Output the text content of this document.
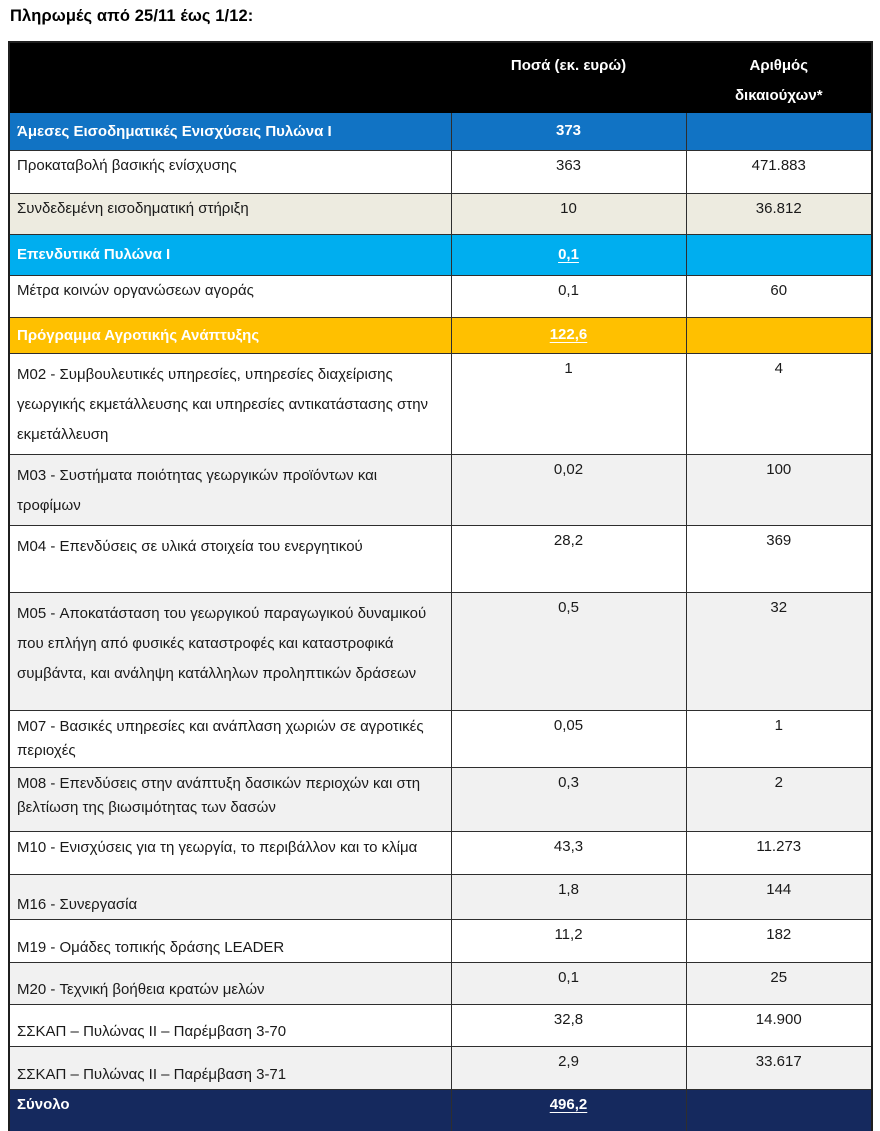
Πληρωμές από 25/11 έως 1/12:
	Ποσά (εκ. ευρώ)	Αριθμός δικαιούχων*
Άμεσες Εισοδηματικές Ενισχύσεις Πυλώνα Ι	373	
Προκαταβολή βασικής ενίσχυσης	363	471.883
Συνδεδεμένη εισοδηματική στήριξη	10	36.812
Επενδυτικά Πυλώνα Ι	0,1	
Μέτρα κοινών οργανώσεων αγοράς	0,1	60
Πρόγραμμα Αγροτικής Ανάπτυξης	122,6	
M02 - Συμβουλευτικές υπηρεσίες, υπηρεσίες διαχείρισης γεωργικής εκμετάλλευσης και υπηρεσίες αντικατάστασης στην εκμετάλλευση	1	4
M03 - Συστήματα ποιότητας γεωργικών προϊόντων και τροφίμων	0,02	100
M04 - Επενδύσεις σε υλικά στοιχεία του ενεργητικού	28,2	369
M05 - Αποκατάσταση του γεωργικού παραγωγικού δυναμικού που επλήγη από φυσικές καταστροφές και καταστροφικά συμβάντα, και ανάληψη κατάλληλων προληπτικών δράσεων	0,5	32
M07 - Βασικές υπηρεσίες και ανάπλαση χωριών σε αγροτικές περιοχές	0,05	1
M08 - Επενδύσεις στην ανάπτυξη δασικών περιοχών και στη βελτίωση της βιωσιμότητας των δασών	0,3	2
M10 - Ενισχύσεις για τη γεωργία, το περιβάλλον και το κλίμα	43,3	11.273
M16 - Συνεργασία	1,8	144
M19 - Ομάδες τοπικής δράσης LEADER	11,2	182
M20 - Τεχνική βοήθεια κρατών μελών	0,1	25
ΣΣΚΑΠ – Πυλώνας ΙΙ – Παρέμβαση 3-70	32,8	14.900
ΣΣΚΑΠ – Πυλώνας ΙΙ – Παρέμβαση 3-71	2,9	33.617
Σύνολο	496,2	
